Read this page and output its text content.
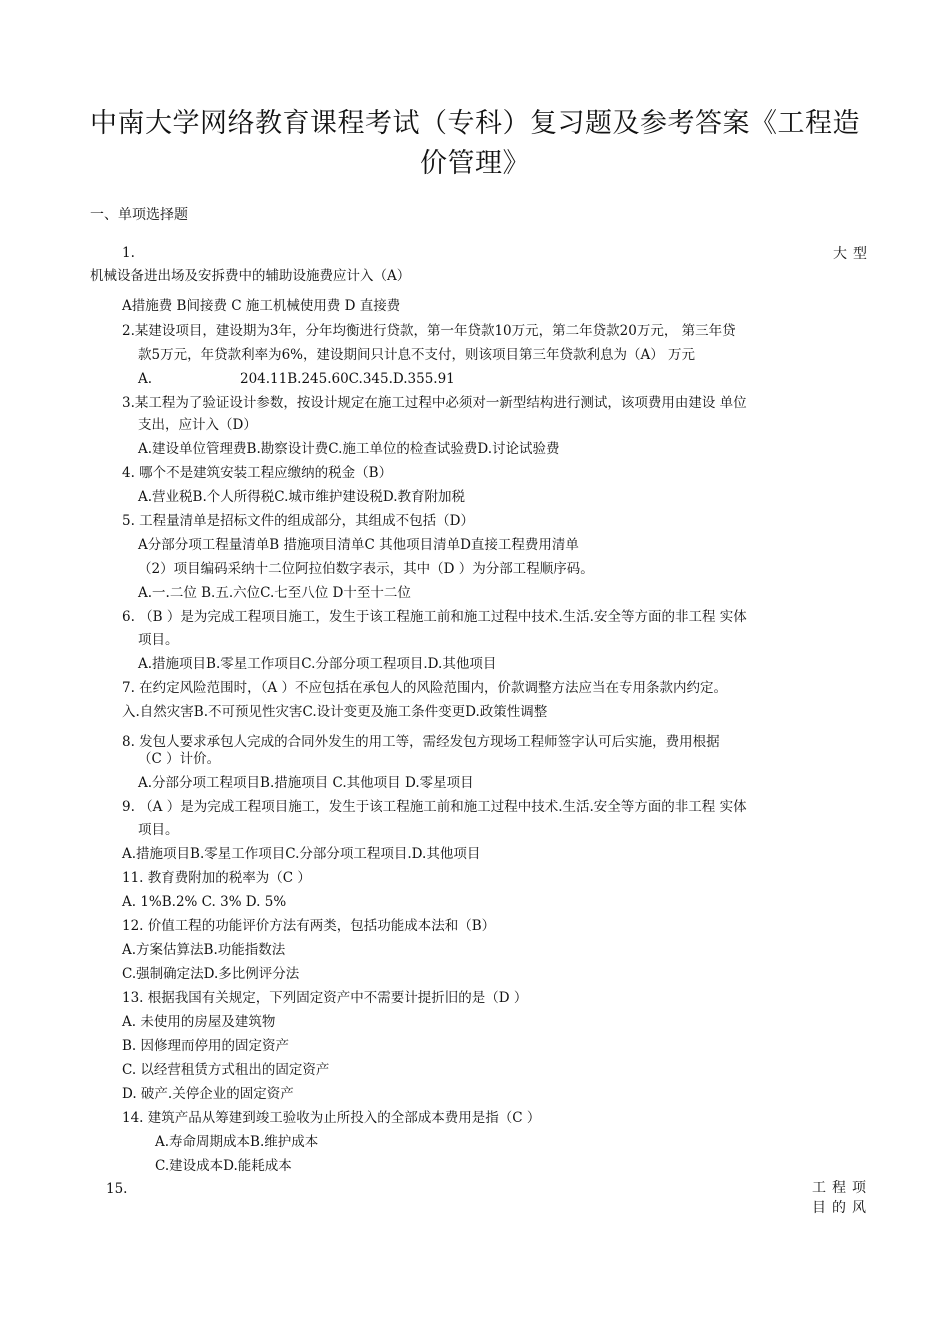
中南大学网络教育课程考试（专科）复习题及参考答案《工程造价管理》
一、单项选择题
1.	大型
机械设备进出场及安拆费中的辅助设施费应计入（A）
A措施费 B间接费 C 施工机械使用费 D 直接费
2.某建设项目，建设期为3年，分年均衡进行贷款，第一年贷款10万元，第二年贷款20万元， 第三年贷
款5万元，年贷款利率为6%，建设期间只计息不支付，则该项目第三年贷款利息为（A） 万元
A.	204.11B.245.60C.345.D.355.91
3.某工程为了验证设计参数，按设计规定在施工过程中必须对一新型结构进行测试，该项费用由建设 单位
支出，应计入（D）
A.建设单位管理费B.勘察设计费C.施工单位的检查试验费D.讨论试验费
4. 哪个不是建筑安装工程应缴纳的税金（B）
A.营业税B.个人所得税C.城市维护建设税D.教育附加税
5. 工程量清单是招标文件的组成部分，其组成不包括（D）
A分部分项工程量清单B 措施项目清单C 其他项目清单D直接工程费用清单
（2）项目编码采纳十二位阿拉伯数字表示，其中（D ）为分部工程顺序码。
A.一.二位 B.五.六位C.七至八位 D十至十二位
6. （B ）是为完成工程项目施工，发生于该工程施工前和施工过程中技术.生活.安全等方面的非工程 实体
项目。
A.措施项目B.零星工作项目C.分部分项工程项目.D.其他项目
7. 在约定风险范围时，（A ）不应包括在承包人的风险范围内，价款调整方法应当在专用条款内约定。
入.自然灾害B.不可预见性灾害C.设计变更及施工条件变更D.政策性调整
8. 发包人要求承包人完成的合同外发生的用工等，需经发包方现场工程师签字认可后实施，费用根据
（C ）计价。
A.分部分项工程项目B.措施项目 C.其他项目 D.零星项目
9. （A ）是为完成工程项目施工，发生于该工程施工前和施工过程中技术.生活.安全等方面的非工程 实体
项目。
A.措施项目B.零星工作项目C.分部分项工程项目.D.其他项目
11. 教育费附加的税率为（C ）
A. 1%B.2% C. 3% D. 5%
12. 价值工程的功能评价方法有两类，包括功能成本法和（B）
A.方案估算法B.功能指数法
C.强制确定法D.多比例评分法
13. 根据我国有关规定，下列固定资产中不需要计提折旧的是（D ）
A. 未使用的房屋及建筑物
B. 因修理而停用的固定资产
C. 以经营租赁方式租出的固定资产
D. 破产.关停企业的固定资产
14. 建筑产品从筹建到竣工验收为止所投入的全部成本费用是指（C ）
A.寿命周期成本B.维护成本
C.建设成本D.能耗成本
15.	工程项
目的风
